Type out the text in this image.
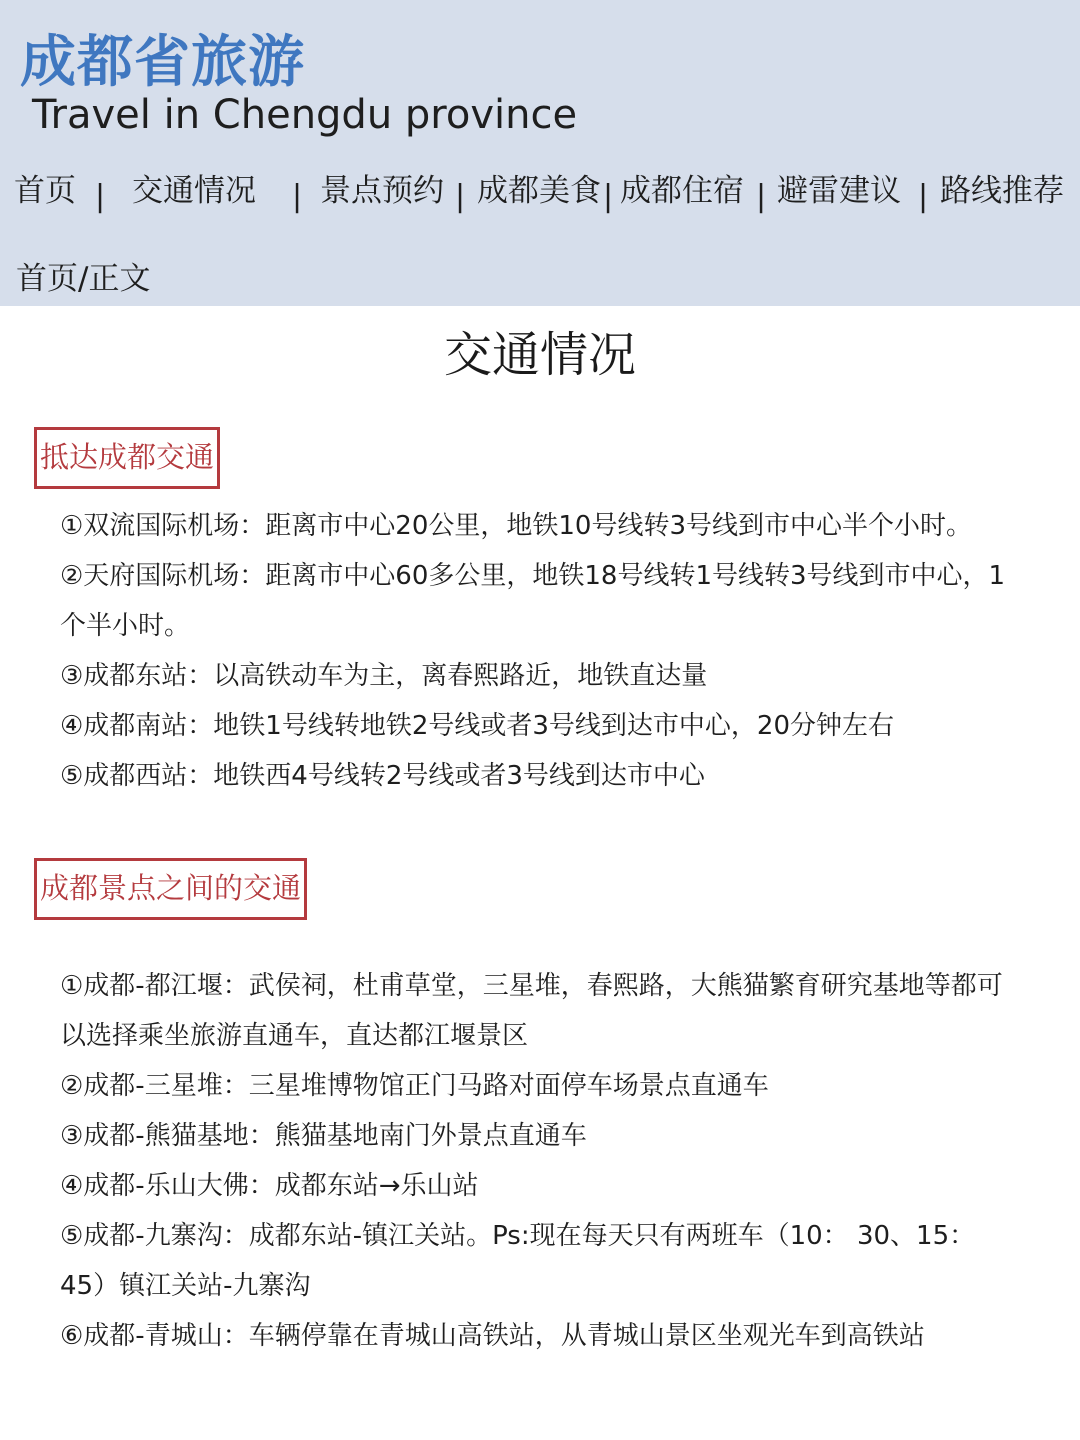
成都省旅游
Travel in Chengdu province
首页 | 交通情况 | 景点预约 | 成都美食 | 成都住宿 | 避雷建议 | 路线推荐
首页/正文
交通情况
抵达成都交通
①双流国际机场：距离市中心20公里，地铁10号线转3号线到市中心半个小时。
②天府国际机场：距离市中心60多公里，地铁18号线转1号线转3号线到市中心，1
个半小时。
③成都东站：以高铁动车为主，离春熙路近，地铁直达量
④成都南站：地铁1号线转地铁2号线或者3号线到达市中心，20分钟左右
⑤成都西站：地铁西4号线转2号线或者3号线到达市中心
成都景点之间的交通
①成都-都江堰：武侯祠，杜甫草堂，三星堆，春熙路，大熊猫繁育研究基地等都可
以选择乘坐旅游直通车，直达都江堰景区
②成都-三星堆：三星堆博物馆正门马路对面停车场景点直通车
③成都-熊猫基地：熊猫基地南门外景点直通车
④成都-乐山大佛：成都东站→乐山站
⑤成都-九寨沟：成都东站-镇江关站。Ps:现在每天只有两班车（10： 30、15：
45）镇江关站-九寨沟
⑥成都-青城山：车辆停靠在青城山高铁站，从青城山景区坐观光车到高铁站
